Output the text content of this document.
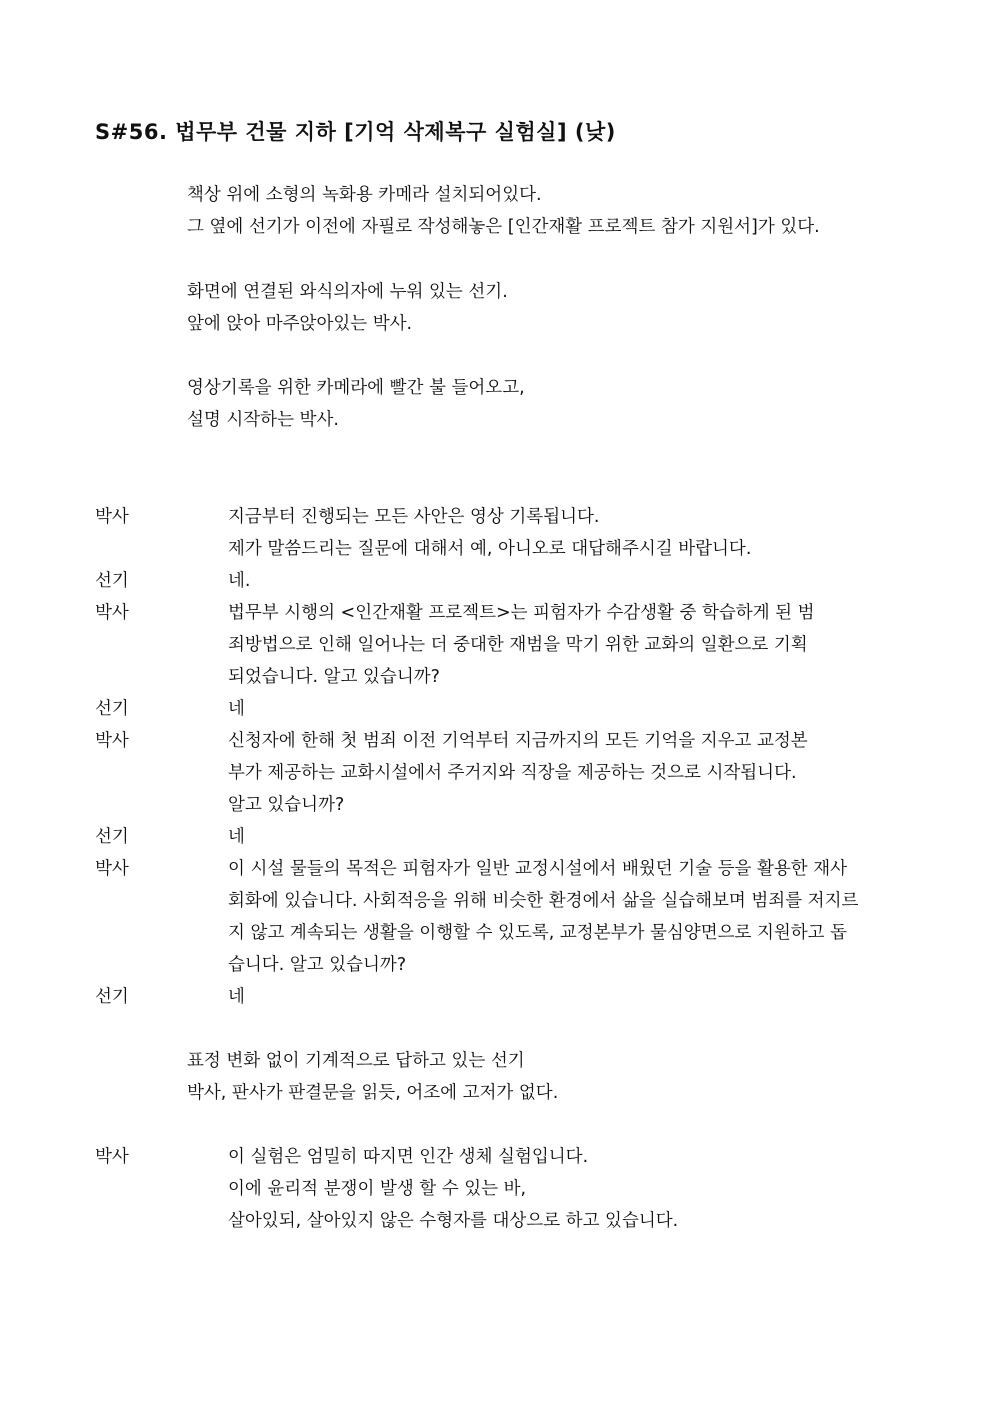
S#56. 법무부 건물 지하 [기억 삭제복구 실험실] (낮)
책상 위에 소형의 녹화용 카메라 설치되어있다.
그 옆에 선기가 이전에 자필로 작성해놓은 [인간재활 프로젝트 참가 지원서]가 있다.
화면에 연결된 와식의자에 누워 있는 선기.
앞에 앉아 마주앉아있는 박사.
영상기록을 위한 카메라에 빨간 불 들어오고,
설명 시작하는 박사.
박사	지금부터 진행되는 모든 사안은 영상 기록됩니다.
제가 말씀드리는 질문에 대해서 예, 아니오로 대답해주시길 바랍니다.
선기	네.
박사	법무부 시행의 <인간재활 프로젝트>는 피험자가 수감생활 중 학습하게 된 범
죄방법으로 인해 일어나는 더 중대한 재범을 막기 위한 교화의 일환으로 기획
되었습니다. 알고 있습니까?
선기	네
박사	신청자에 한해 첫 범죄 이전 기억부터 지금까지의 모든 기억을 지우고 교정본
부가 제공하는 교화시설에서 주거지와 직장을 제공하는 것으로 시작됩니다.
알고 있습니까?
선기	네
박사	이 시설 물들의 목적은 피험자가 일반 교정시설에서 배웠던 기술 등을 활용한 재사
회화에 있습니다. 사회적응을 위해 비슷한 환경에서 삶을 실습해보며 범죄를 저지르
지 않고 계속되는 생활을 이행할 수 있도록, 교정본부가 물심양면으로 지원하고 돕
습니다. 알고 있습니까?
선기	네
표정 변화 없이 기계적으로 답하고 있는 선기
박사, 판사가 판결문을 읽듯, 어조에 고저가 없다.
박사	이 실험은 엄밀히 따지면 인간 생체 실험입니다.
이에 윤리적 분쟁이 발생 할 수 있는 바,
살아있되, 살아있지 않은 수형자를 대상으로 하고 있습니다.
